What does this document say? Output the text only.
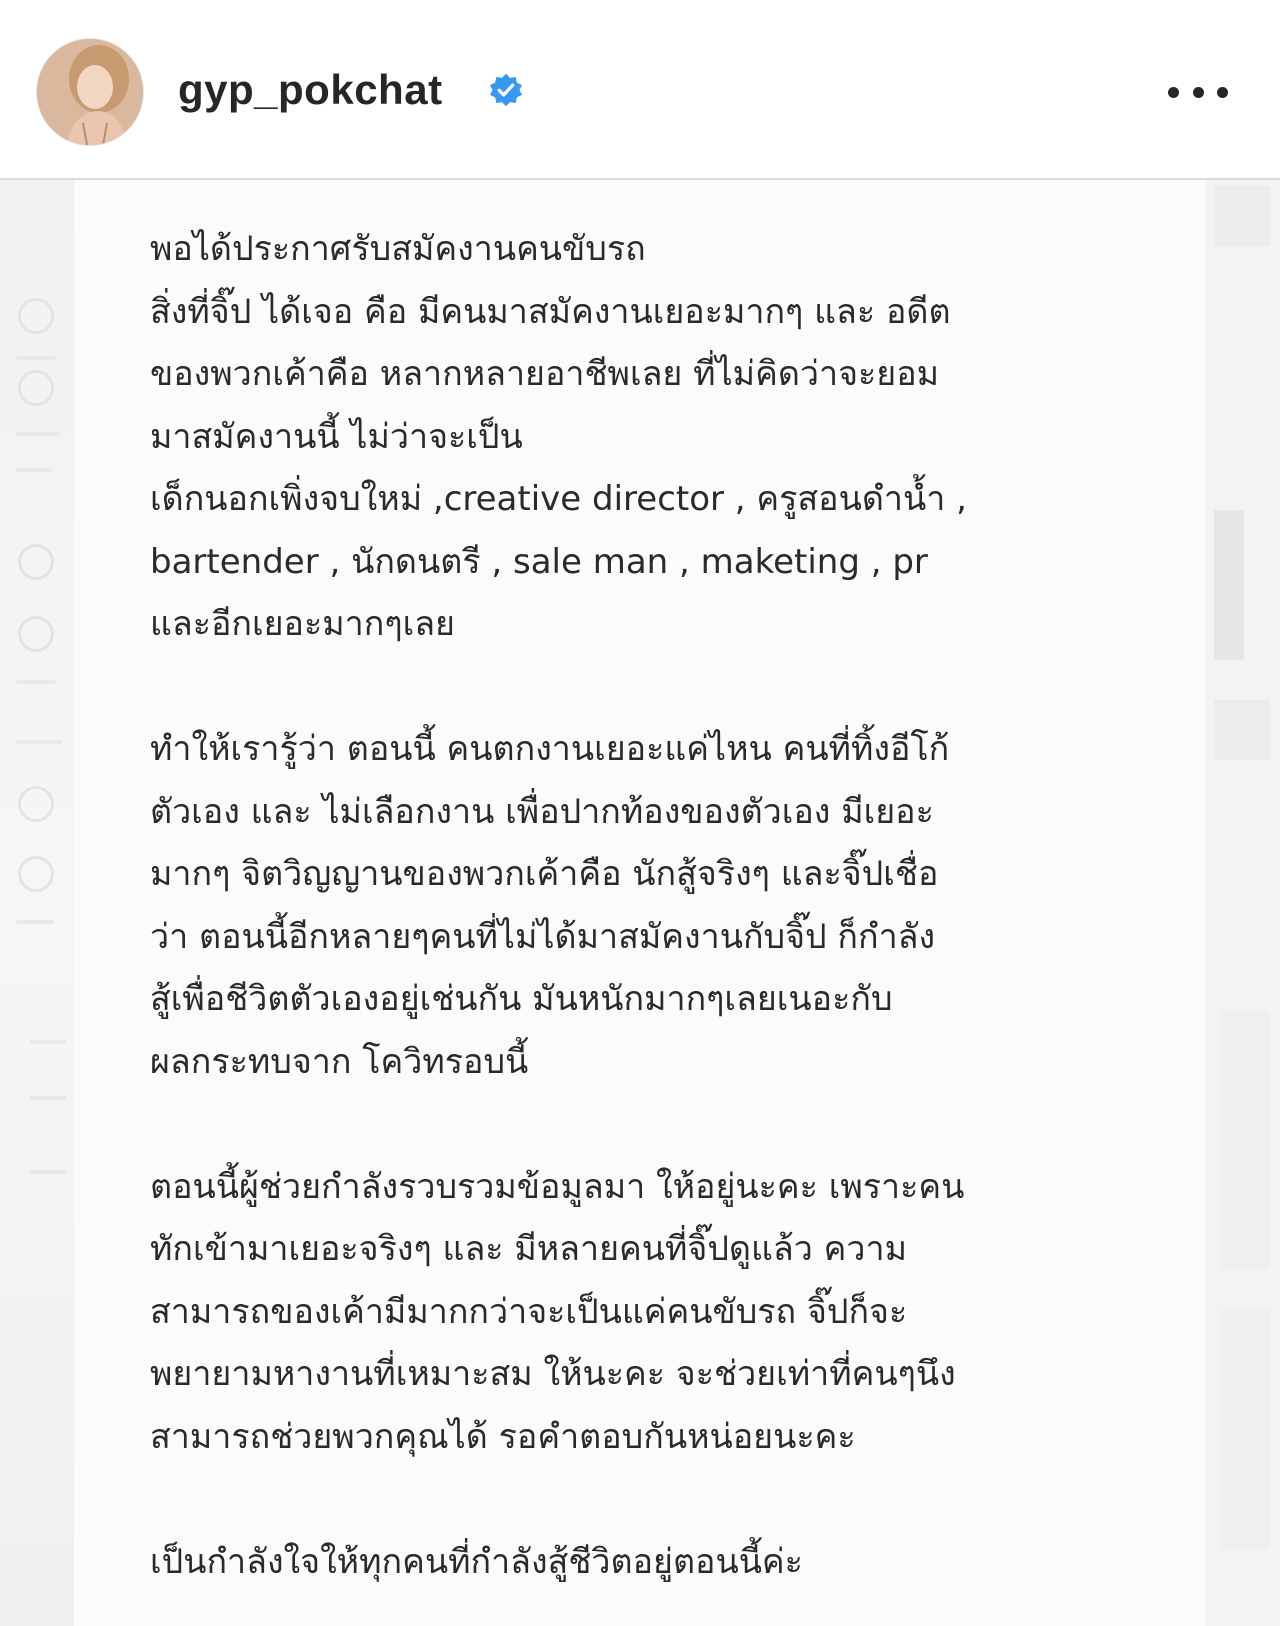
gyp_pokchat

พอได้ประกาศรับสมัคงานคนขับรถ

สิ่งที่จิ๊ป ได้เจอ คือ มีคนมาสมัคงานเยอะมากๆ และ อดีต

ของพวกเค้าคือ หลากหลายอาชีพเลย ที่ไม่คิดว่าจะยอม

มาสมัคงานนี้ ไม่ว่าจะเป็น

เด็กนอกเพิ่งจบใหม่ ,creative director , ครูสอนดำน้ำ ,

bartender , นักดนตรี , sale man , maketing , pr

และอีกเยอะมากๆเลย

ทำให้เรารู้ว่า ตอนนี้ คนตกงานเยอะแค่ไหน คนที่ทิ้งอีโก้

ตัวเอง และ ไม่เลือกงาน เพื่อปากท้องของตัวเอง มีเยอะ

มากๆ จิตวิญญานของพวกเค้าคือ นักสู้จริงๆ และจิ๊ปเชื่อ

ว่า ตอนนี้อีกหลายๆคนที่ไม่ได้มาสมัคงานกับจิ๊ป ก็กำลัง

สู้เพื่อชีวิตตัวเองอยู่เช่นกัน มันหนักมากๆเลยเนอะกับ

ผลกระทบจาก โควิทรอบนี้

ตอนนี้ผู้ช่วยกำลังรวบรวมข้อมูลมา ให้อยู่นะคะ เพราะคน

ทักเข้ามาเยอะจริงๆ และ มีหลายคนที่จิ๊ปดูแล้ว ความ

สามารถของเค้ามีมากกว่าจะเป็นแค่คนขับรถ จิ๊ปก็จะ

พยายามหางานที่เหมาะสม ให้นะคะ จะช่วยเท่าที่คนๆนึง

สามารถช่วยพวกคุณได้ รอคำตอบกันหน่อยนะคะ

เป็นกำลังใจให้ทุกคนที่กำลังสู้ชีวิตอยู่ตอนนี้ค่ะ
